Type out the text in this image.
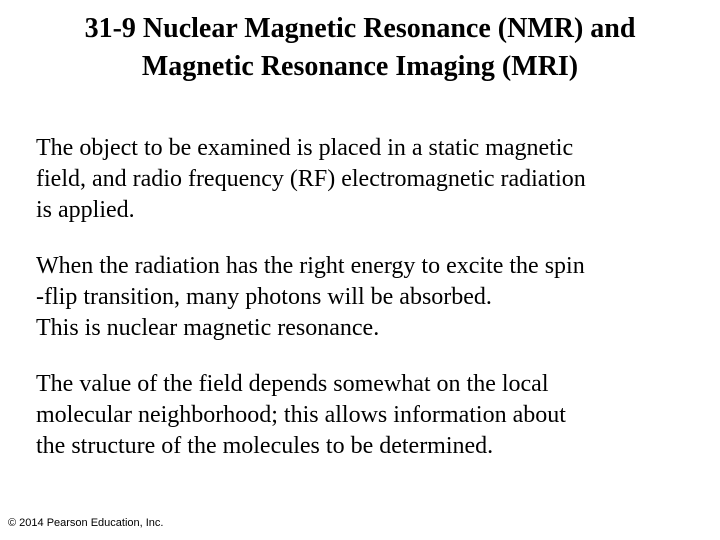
31-9 Nuclear Magnetic Resonance (NMR) and
Magnetic Resonance Imaging (MRI)

The object to be examined is placed in a static magnetic
field, and radio frequency (RF) electromagnetic radiation
is applied.

When the radiation has the right energy to excite the spin
-flip transition, many photons will be absorbed.
This is nuclear magnetic resonance.

The value of the field depends somewhat on the local
molecular neighborhood; this allows information about
the structure of the molecules to be determined.

© 2014 Pearson Education, Inc.
